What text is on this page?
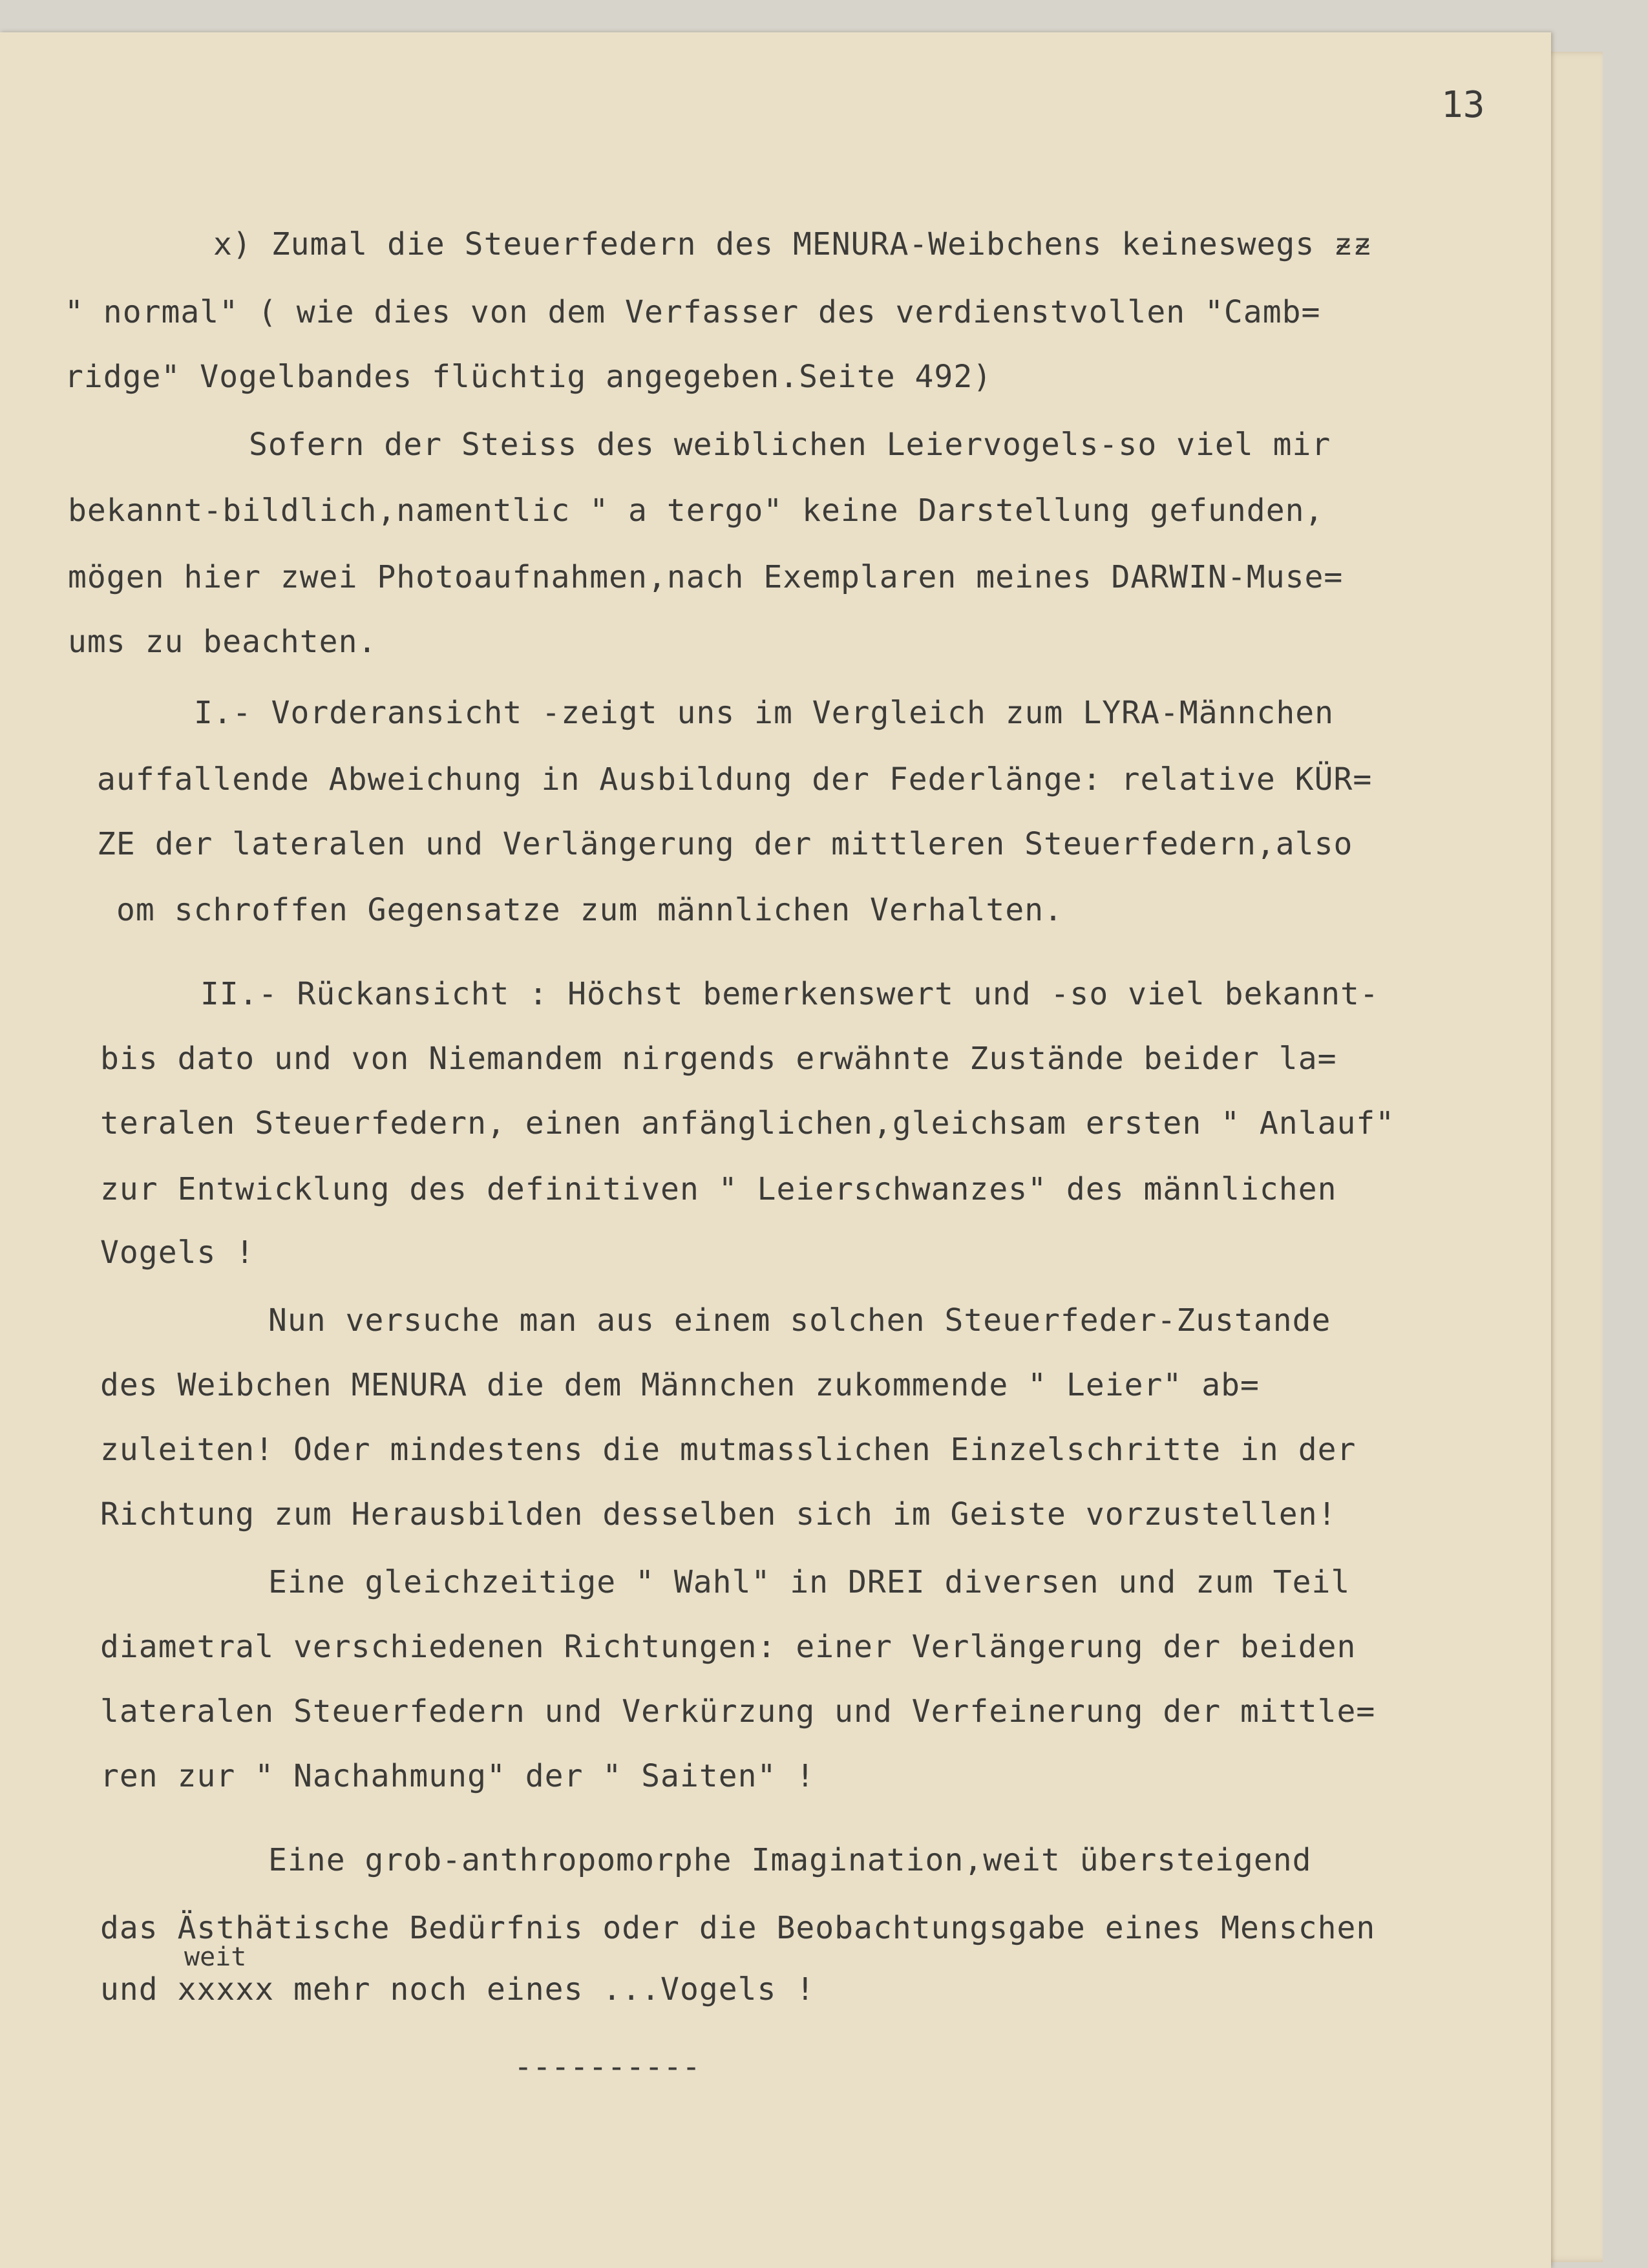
13
x) Zumal die Steuerfedern des MENURA-Weibchens keineswegs ᵶᵶ
" normal" ( wie dies von dem Verfasser des verdienstvollen "Camb=
ridge" Vogelbandes flüchtig angegeben.Seite 492)
Sofern der Steiss des weiblichen Leiervogels-so viel mir
bekannt-bildlich,namentlic " a tergo" keine Darstellung gefunden,
mögen hier zwei Photoaufnahmen,nach Exemplaren meines DARWIN-Muse=
ums zu beachten.
I.- Vorderansicht -zeigt uns im Vergleich zum LYRA-Männchen
auffallende Abweichung in Ausbildung der Federlänge: relative KÜR=
ZE der lateralen und Verlängerung der mittleren Steuerfedern,also
om schroffen Gegensatze zum männlichen Verhalten.
II.- Rückansicht : Höchst bemerkenswert und -so viel bekannt-
bis dato und von Niemandem nirgends erwähnte Zustände beider la=
teralen Steuerfedern, einen anfänglichen,gleichsam ersten " Anlauf"
zur Entwicklung des definitiven " Leierschwanzes" des männlichen
Vogels !
Nun versuche man aus einem solchen Steuerfeder-Zustande
des Weibchen MENURA die dem Männchen zukommende " Leier" ab=
zuleiten! Oder mindestens die mutmasslichen Einzelschritte in der
Richtung zum Herausbilden desselben sich im Geiste vorzustellen!
Eine gleichzeitige " Wahl" in DREI diversen und zum Teil
diametral verschiedenen Richtungen: einer Verlängerung der beiden
lateralen Steuerfedern und Verkürzung und Verfeinerung der mittle=
ren zur " Nachahmung" der " Saiten" !
Eine grob-anthropomorphe Imagination,weit übersteigend
das Ästhätische Bedürfnis oder die Beobachtungsgabe eines Menschen
weit
und xxxxx mehr noch eines ...Vogels !
----------
